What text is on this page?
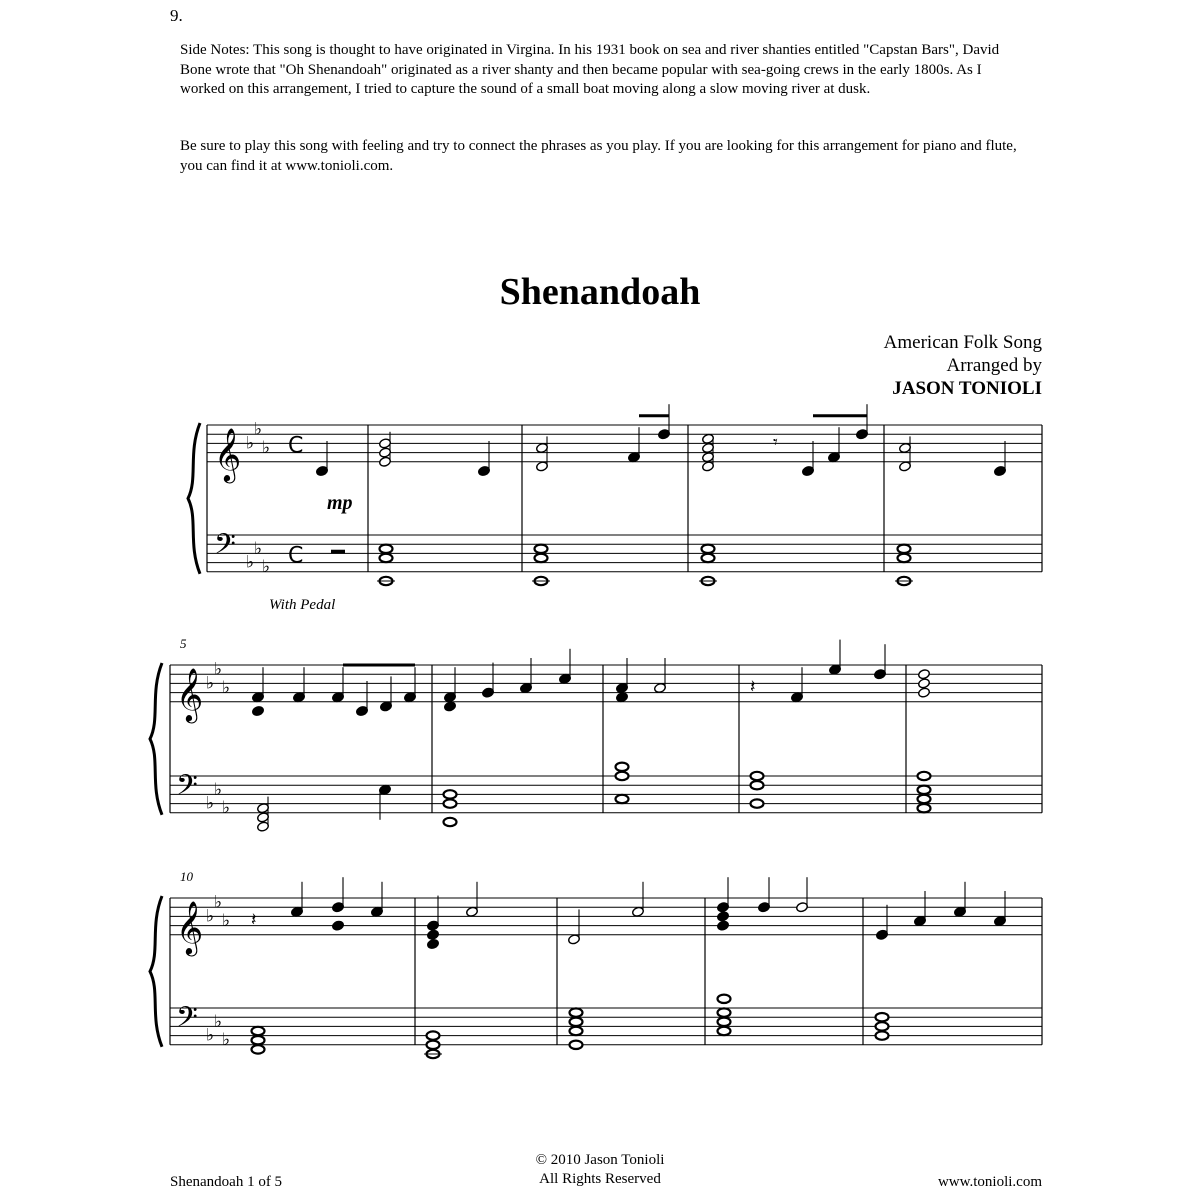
9.
Side Notes: This song is thought to have originated in Virgina. In his 1931 book on sea and river shanties entitled "Capstan Bars", David Bone wrote that "Oh Shenandoah" originated as a river shanty and then became popular with sea-going crews in the early 1800s. As I worked on this arrangement, I tried to capture the sound of a small boat moving along a slow moving river at dusk.
Be sure to play this song with feeling and try to connect the phrases as you play. If you are looking for this arrangement for piano and flute, you can find it at www.tonioli.com.
Shenandoah
American Folk Song
Arranged by
JASON TONIOLI
𝄞
𝄢
♭
♭
♭
♭
♭
♭
C
C
𝄾
𝄞
𝄢
♭
♭
♭
♭
♭
♭
𝄽
𝄞
𝄢
♭
♭
♭
♭
♭
♭
𝄽
mp
With Pedal
5
10
Shenandoah 1 of 5
© 2010 Jason Tonioli
All Rights Reserved	www.tonioli.com
